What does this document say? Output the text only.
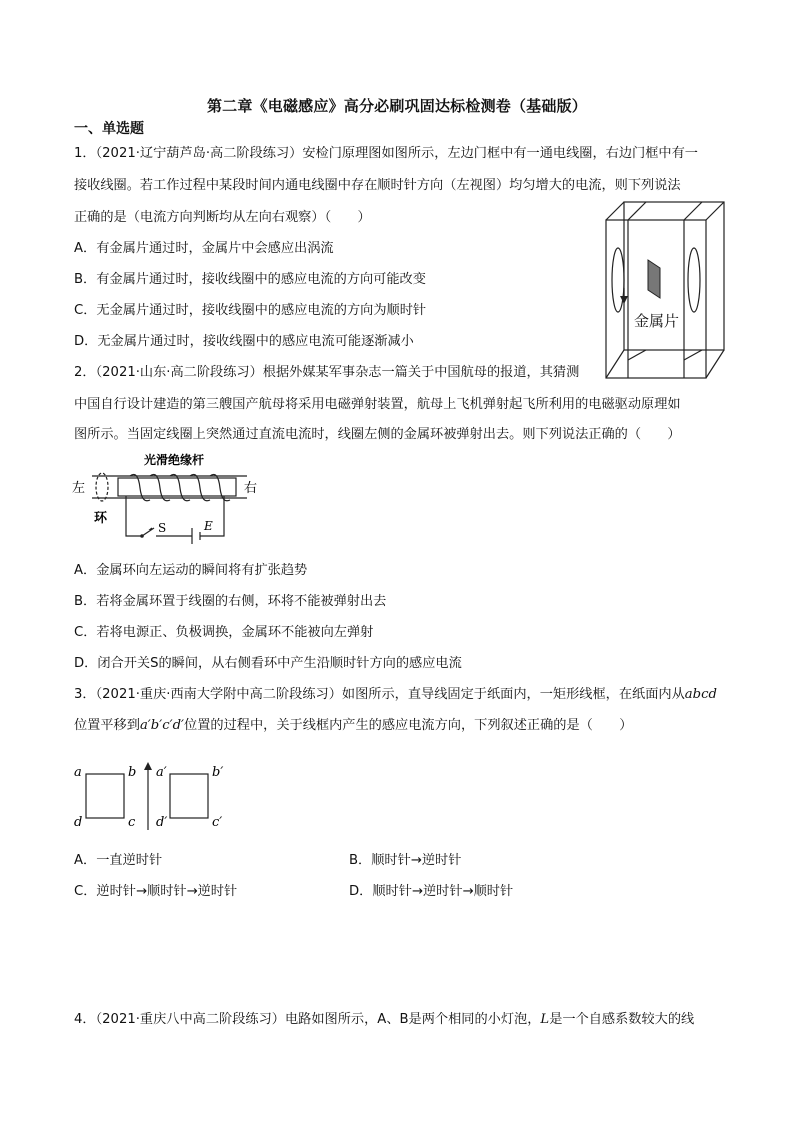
第二章《电磁感应》高分必刷巩固达标检测卷（基础版）
一、单选题
1．（2021·辽宁葫芦岛·高二阶段练习）安检门原理图如图所示，左边门框中有一通电线圈，右边门框中有一
接收线圈。若工作过程中某段时间内通电线圈中存在顺时针方向（左视图）均匀增大的电流，则下列说法
正确的是（电流方向判断均从左向右观察）（　　）
A．有金属片通过时，金属片中会感应出涡流
B．有金属片通过时，接收线圈中的感应电流的方向可能改变
C．无金属片通过时，接收线圈中的感应电流的方向为顺时针
D．无金属片通过时，接收线圈中的感应电流可能逐渐减小
金属片
2．（2021·山东·高二阶段练习）根据外媒某军事杂志一篇关于中国航母的报道，其猜测
中国自行设计建造的第三艘国产航母将采用电磁弹射装置，航母上飞机弹射起飞所利用的电磁驱动原理如
图所示。当固定线圈上突然通过直流电流时，线圈左侧的金属环被弹射出去。则下列说法正确的（　　）
光滑绝缘杆
左	右
环
S	E
A．金属环向左运动的瞬间将有扩张趋势
B．若将金属环置于线圈的右侧，环将不能被弹射出去
C．若将电源正、负极调换，金属环不能被向左弹射
D．闭合开关S的瞬间，从右侧看环中产生沿顺时针方向的感应电流
3．（2021·重庆·西南大学附中高二阶段练习）如图所示，直导线固定于纸面内，一矩形线框，在纸面内从abcd
位置平移到a′b′c′d′位置的过程中，关于线框内产生的感应电流方向，下列叙述正确的是（　　）
a	b
d	c
a′	b′
d′	c′
A．一直逆时针	B．顺时针→逆时针
C．逆时针→顺时针→逆时针	D．顺时针→逆时针→顺时针
4．（2021·重庆八中高二阶段练习）电路如图所示，A、B是两个相同的小灯泡，L是一个自感系数较大的线
